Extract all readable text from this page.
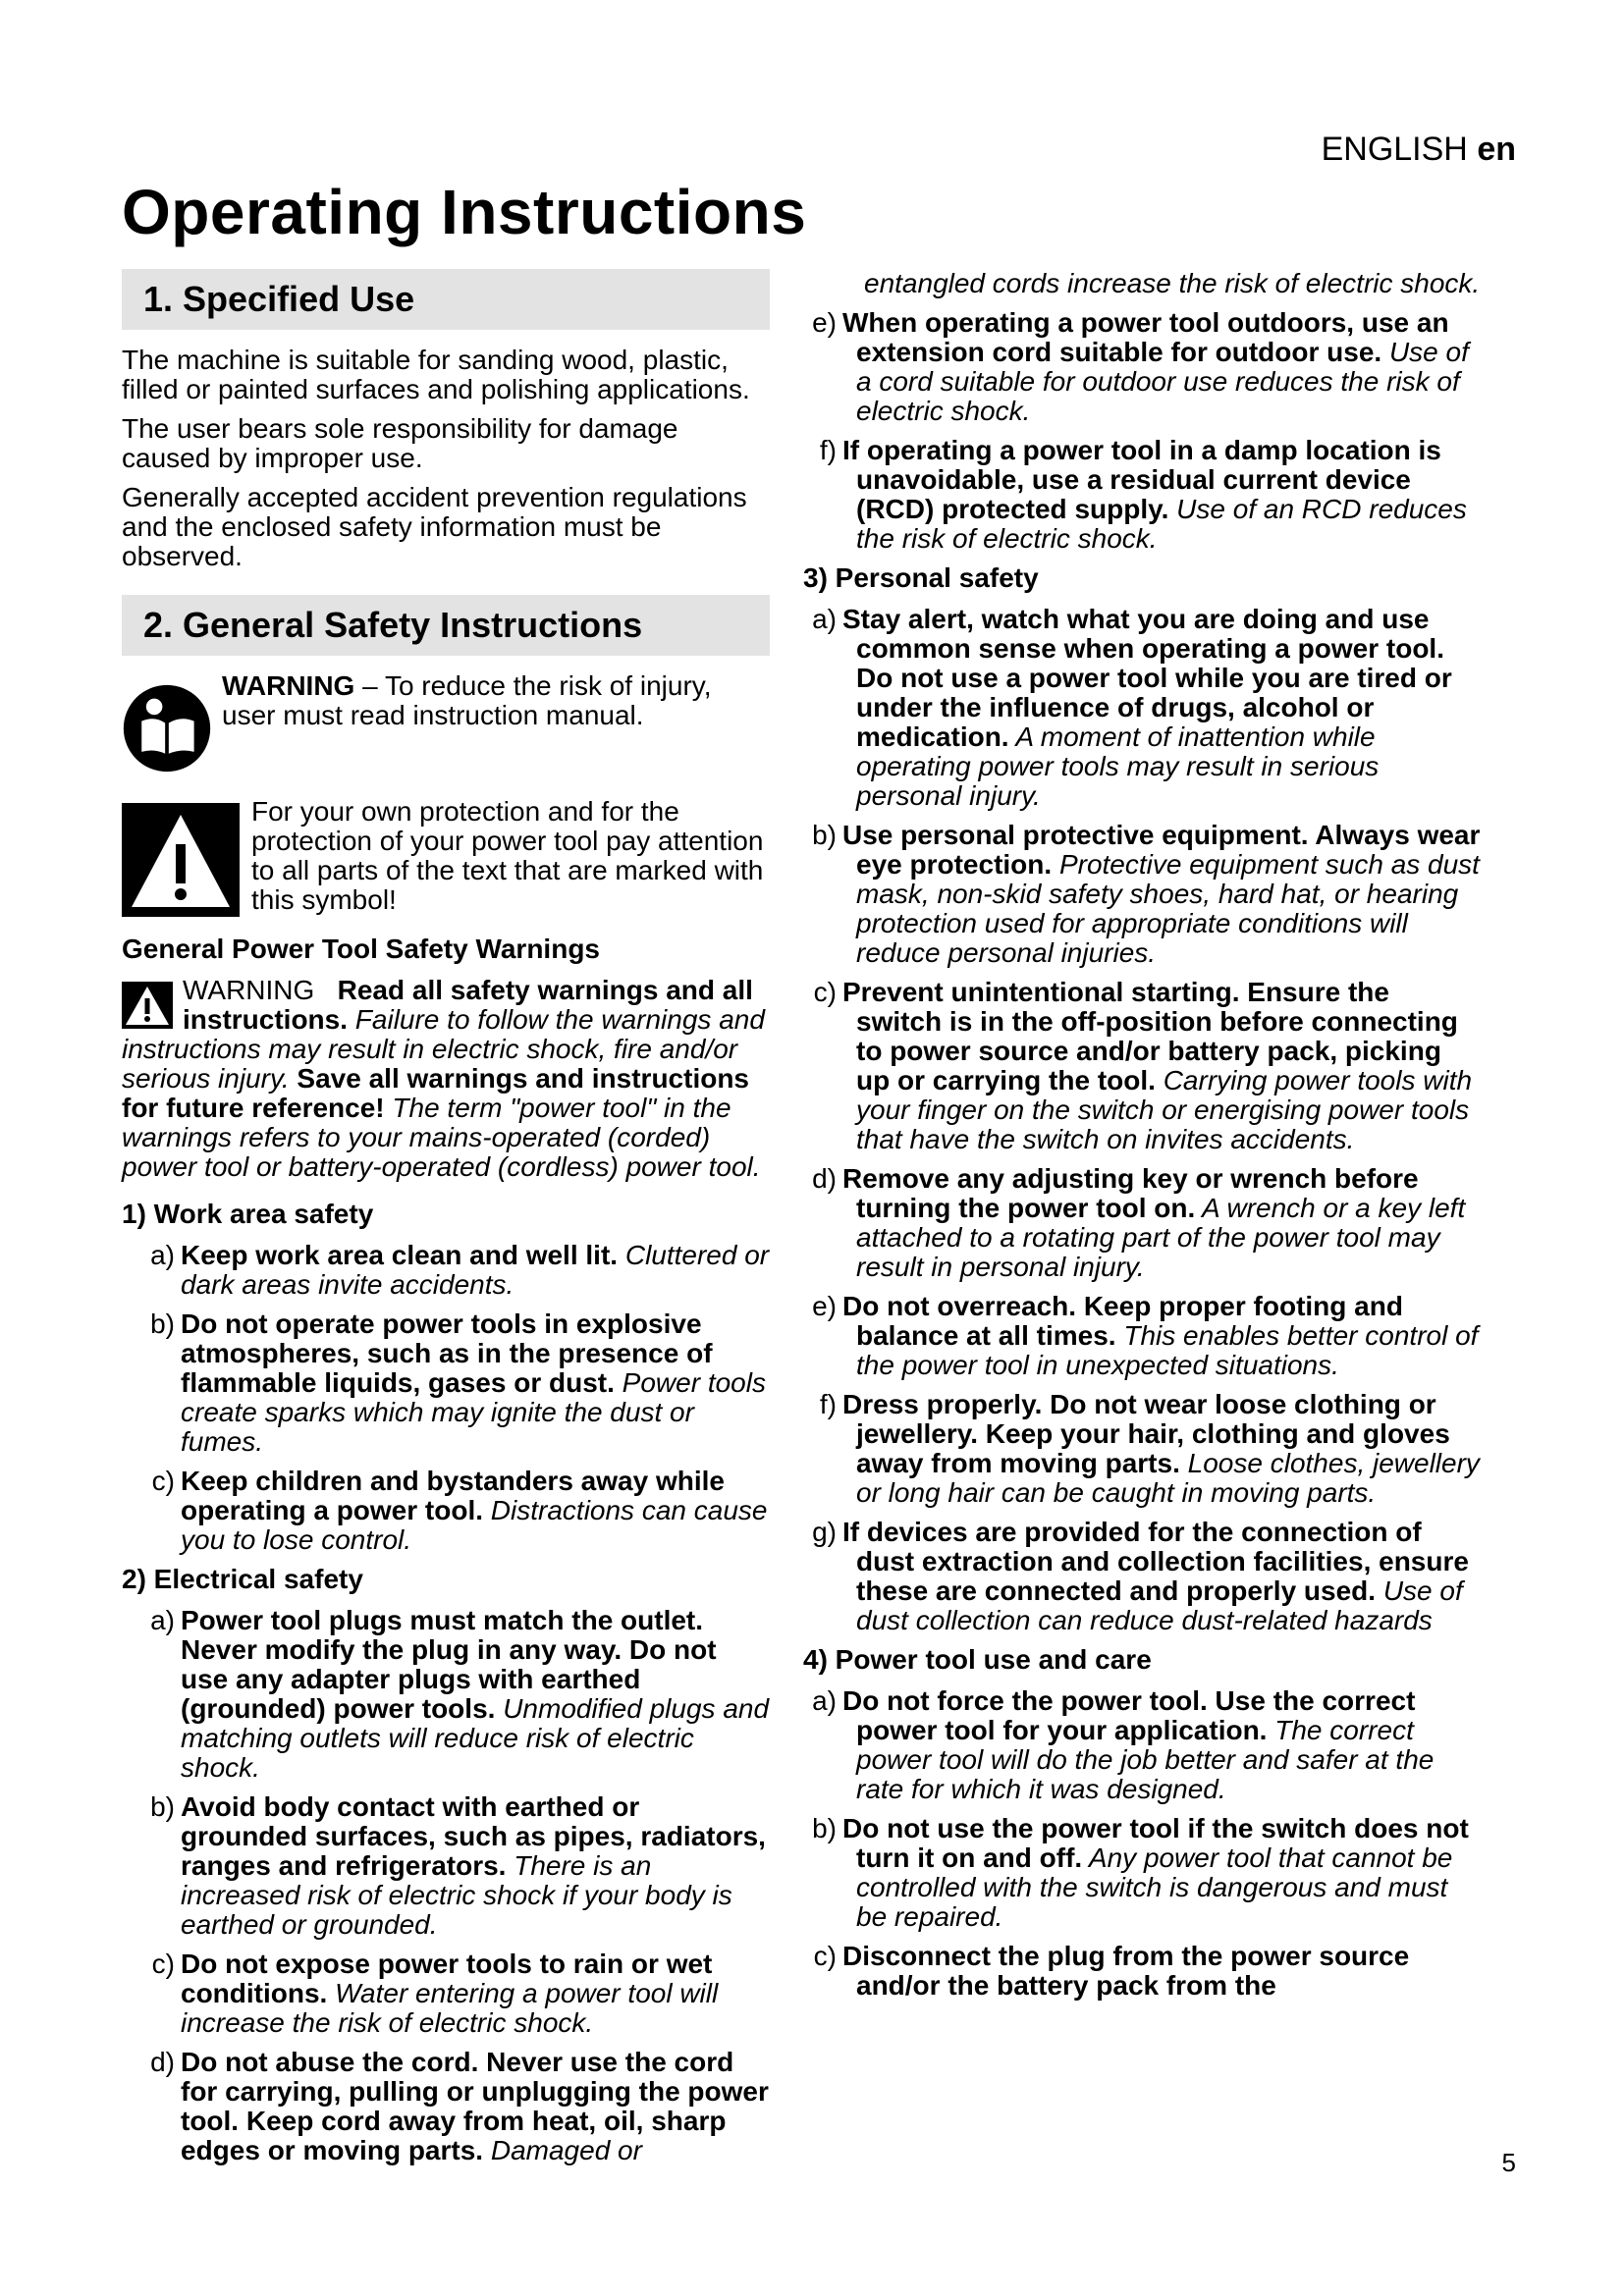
ENGLISH en
Operating Instructions
1. Specified Use

The machine is suitable for sanding wood, plastic, filled or painted surfaces and polishing applications.

The user bears sole responsibility for damage caused by improper use.

Generally accepted accident prevention regulations and the enclosed safety information must be observed.

2. General Safety Instructions

WARNING – To reduce the risk of injury, user must read instruction manual.

For your own protection and for the protection of your power tool pay attention to all parts of the text that are marked with this symbol!

General Power Tool Safety Warnings

WARNING Read all safety warnings and all instructions. Failure to follow the warnings and instructions may result in electric shock, fire and/or serious injury. Save all warnings and instructions for future reference! The term "power tool" in the warnings refers to your mains-operated (corded) power tool or battery-operated (cordless) power tool.

1) Work area safety

a) Keep work area clean and well lit. Cluttered or dark areas invite accidents.

b) Do not operate power tools in explosive atmospheres, such as in the presence of flammable liquids, gases or dust. Power tools create sparks which may ignite the dust or fumes.

c) Keep children and bystanders away while operating a power tool. Distractions can cause you to lose control.

2) Electrical safety

a) Power tool plugs must match the outlet. Never modify the plug in any way. Do not use any adapter plugs with earthed (grounded) power tools. Unmodified plugs and matching outlets will reduce risk of electric shock.

b) Avoid body contact with earthed or grounded surfaces, such as pipes, radiators, ranges and refrigerators. There is an increased risk of electric shock if your body is earthed or grounded.

c) Do not expose power tools to rain or wet conditions. Water entering a power tool will increase the risk of electric shock.

d) Do not abuse the cord. Never use the cord for carrying, pulling or unplugging the power tool. Keep cord away from heat, oil, sharp edges or moving parts. Damaged or

entangled cords increase the risk of electric shock.

e) When operating a power tool outdoors, use an extension cord suitable for outdoor use. Use of a cord suitable for outdoor use reduces the risk of electric shock.

f) If operating a power tool in a damp location is unavoidable, use a residual current device (RCD) protected supply. Use of an RCD reduces the risk of electric shock.

3) Personal safety

a) Stay alert, watch what you are doing and use common sense when operating a power tool. Do not use a power tool while you are tired or under the influence of drugs, alcohol or medication. A moment of inattention while operating power tools may result in serious personal injury.

b) Use personal protective equipment. Always wear eye protection. Protective equipment such as dust mask, non-skid safety shoes, hard hat, or hearing protection used for appropriate conditions will reduce personal injuries.

c) Prevent unintentional starting. Ensure the switch is in the off-position before connecting to power source and/or battery pack, picking up or carrying the tool. Carrying power tools with your finger on the switch or energising power tools that have the switch on invites accidents.

d) Remove any adjusting key or wrench before turning the power tool on. A wrench or a key left attached to a rotating part of the power tool may result in personal injury.

e) Do not overreach. Keep proper footing and balance at all times. This enables better control of the power tool in unexpected situations.

f) Dress properly. Do not wear loose clothing or jewellery. Keep your hair, clothing and gloves away from moving parts. Loose clothes, jewellery or long hair can be caught in moving parts.

g) If devices are provided for the connection of dust extraction and collection facilities, ensure these are connected and properly used. Use of dust collection can reduce dust-related hazards

4) Power tool use and care

a) Do not force the power tool. Use the correct power tool for your application. The correct power tool will do the job better and safer at the rate for which it was designed.

b) Do not use the power tool if the switch does not turn it on and off. Any power tool that cannot be controlled with the switch is dangerous and must be repaired.

c) Disconnect the plug from the power source and/or the battery pack from the

5
